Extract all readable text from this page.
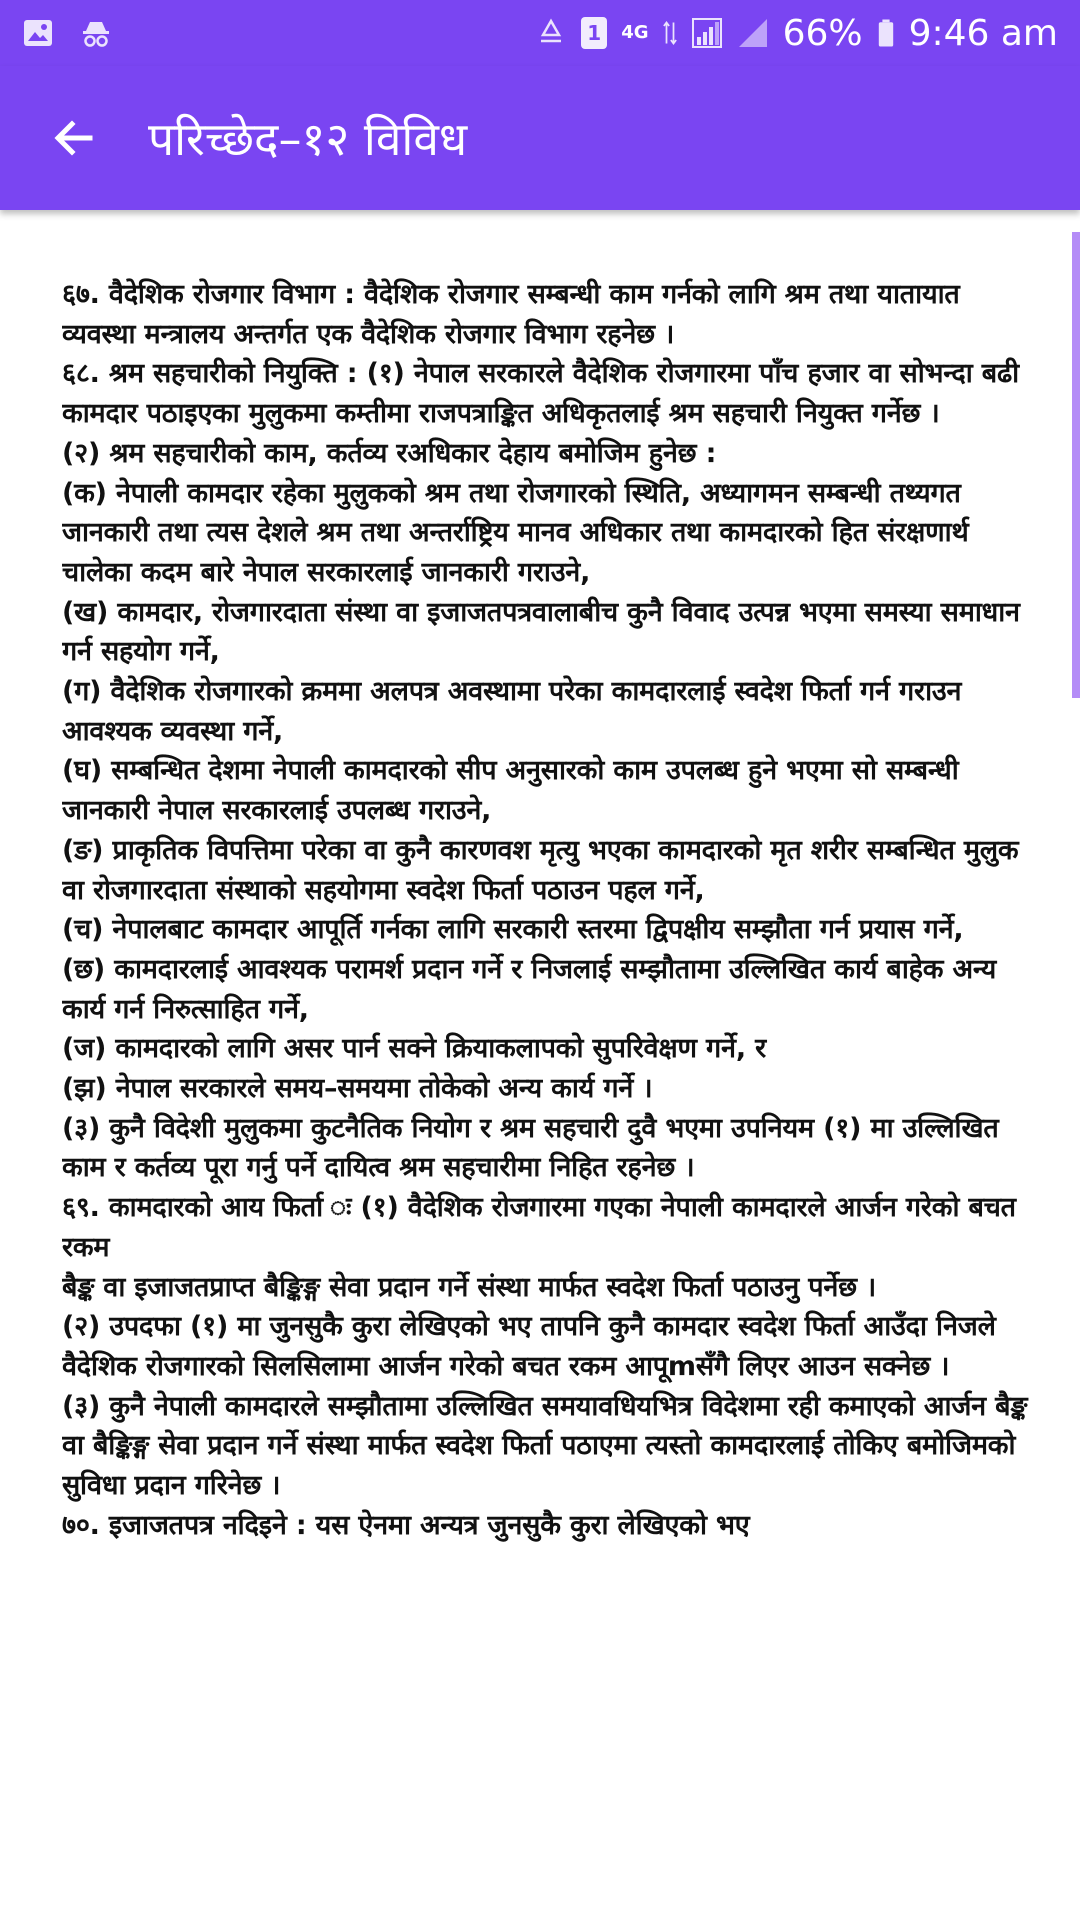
1	4G	66% 9:46 am
परिच्छेद–१२ विविध

६७. वैदेशिक रोजगार विभाग : वैदेशिक रोजगार सम्बन्धी काम गर्नको लागि श्रम तथा यातायात व्यवस्था मन्त्रालय अन्तर्गत एक वैदेशिक रोजगार विभाग रहनेछ ।

६८. श्रम सहचारीको नियुक्ति : (१) नेपाल सरकारले वैदेशिक रोजगारमा पाँच हजार वा सोभन्दा बढी कामदार पठाइएका मुलुकमा कम्तीमा राजपत्राङ्कित अधिकृतलाई श्रम सहचारी नियुक्त गर्नेछ ।

(२) श्रम सहचारीको काम, कर्तव्य रअधिकार देहाय बमोजिम हुनेछ :

(क) नेपाली कामदार रहेका मुलुकको श्रम तथा रोजगारको स्थिति, अध्यागमन सम्बन्धी तथ्यगत जानकारी तथा त्यस देशले श्रम तथा अन्तर्राष्ट्रिय मानव अधिकार तथा कामदारको हित संरक्षणार्थ चालेका कदम बारे नेपाल सरकारलाई जानकारी गराउने,

(ख) कामदार, रोजगारदाता संस्था वा इजाजतपत्रवालाबीच कुनै विवाद उत्पन्न भएमा समस्या समाधान गर्न सहयोग गर्ने,

(ग) वैदेशिक रोजगारको क्रममा अलपत्र अवस्थामा परेका कामदारलाई स्वदेश फिर्ता गर्न गराउन आवश्यक व्यवस्था गर्ने,

(घ) सम्बन्धित देशमा नेपाली कामदारको सीप अनुसारको काम उपलब्ध हुने भएमा सो सम्बन्धी जानकारी नेपाल सरकारलाई उपलब्ध गराउने,

(ङ) प्राकृतिक विपत्तिमा परेका वा कुनै कारणवश मृत्यु भएका कामदारको मृत शरीर सम्बन्धित मुलुक वा रोजगारदाता संस्थाको सहयोगमा स्वदेश फिर्ता पठाउन पहल गर्ने,

(च) नेपालबाट कामदार आपूर्ति गर्नका लागि सरकारी स्तरमा द्विपक्षीय सम्झौता गर्न प्रयास गर्ने,

(छ) कामदारलाई आवश्यक परामर्श प्रदान गर्ने र निजलाई सम्झौतामा उल्लिखित कार्य बाहेक अन्य कार्य गर्न निरुत्साहित गर्ने,

(ज) कामदारको लागि असर पार्न सक्ने क्रियाकलापको सुपरिवेक्षण गर्ने, र

(झ) नेपाल सरकारले समय–समयमा तोकेको अन्य कार्य गर्ने ।

(३) कुनै विदेशी मुलुकमा कुटनैतिक नियोग र श्रम सहचारी दुवै भएमा उपनियम (१) मा उल्लिखित काम र कर्तव्य पूरा गर्नु पर्ने दायित्व श्रम सहचारीमा निहित रहनेछ ।

६९. कामदारको आय फिर्ता ः (१) वैदेशिक रोजगारमा गएका नेपाली कामदारले आर्जन गरेको बचत रकम

बैङ्क वा इजाजतप्राप्त बैङ्किङ्ग सेवा प्रदान गर्ने संस्था मार्फत स्वदेश फिर्ता पठाउनु पर्नेछ ।

(२) उपदफा (१) मा जुनसुकै कुरा लेखिएको भए तापनि कुनै कामदार स्वदेश फिर्ता आउँदा निजले वैदेशिक रोजगारको सिलसिलामा आर्जन गरेको बचत रकम आपूmसँगै लिएर आउन सक्नेछ ।

(३) कुनै नेपाली कामदारले सम्झौतामा उल्लिखित समयावधियभित्र विदेशमा रही कमाएको आर्जन बैङ्क वा बैङ्किङ्ग सेवा प्रदान गर्ने संस्था मार्फत स्वदेश फिर्ता पठाएमा त्यस्तो कामदारलाई तोकिए बमोजिमको सुविधा प्रदान गरिनेछ ।

७०. इजाजतपत्र नदिइने : यस ऐनमा अन्यत्र जुनसुकै कुरा लेखिएको भए
